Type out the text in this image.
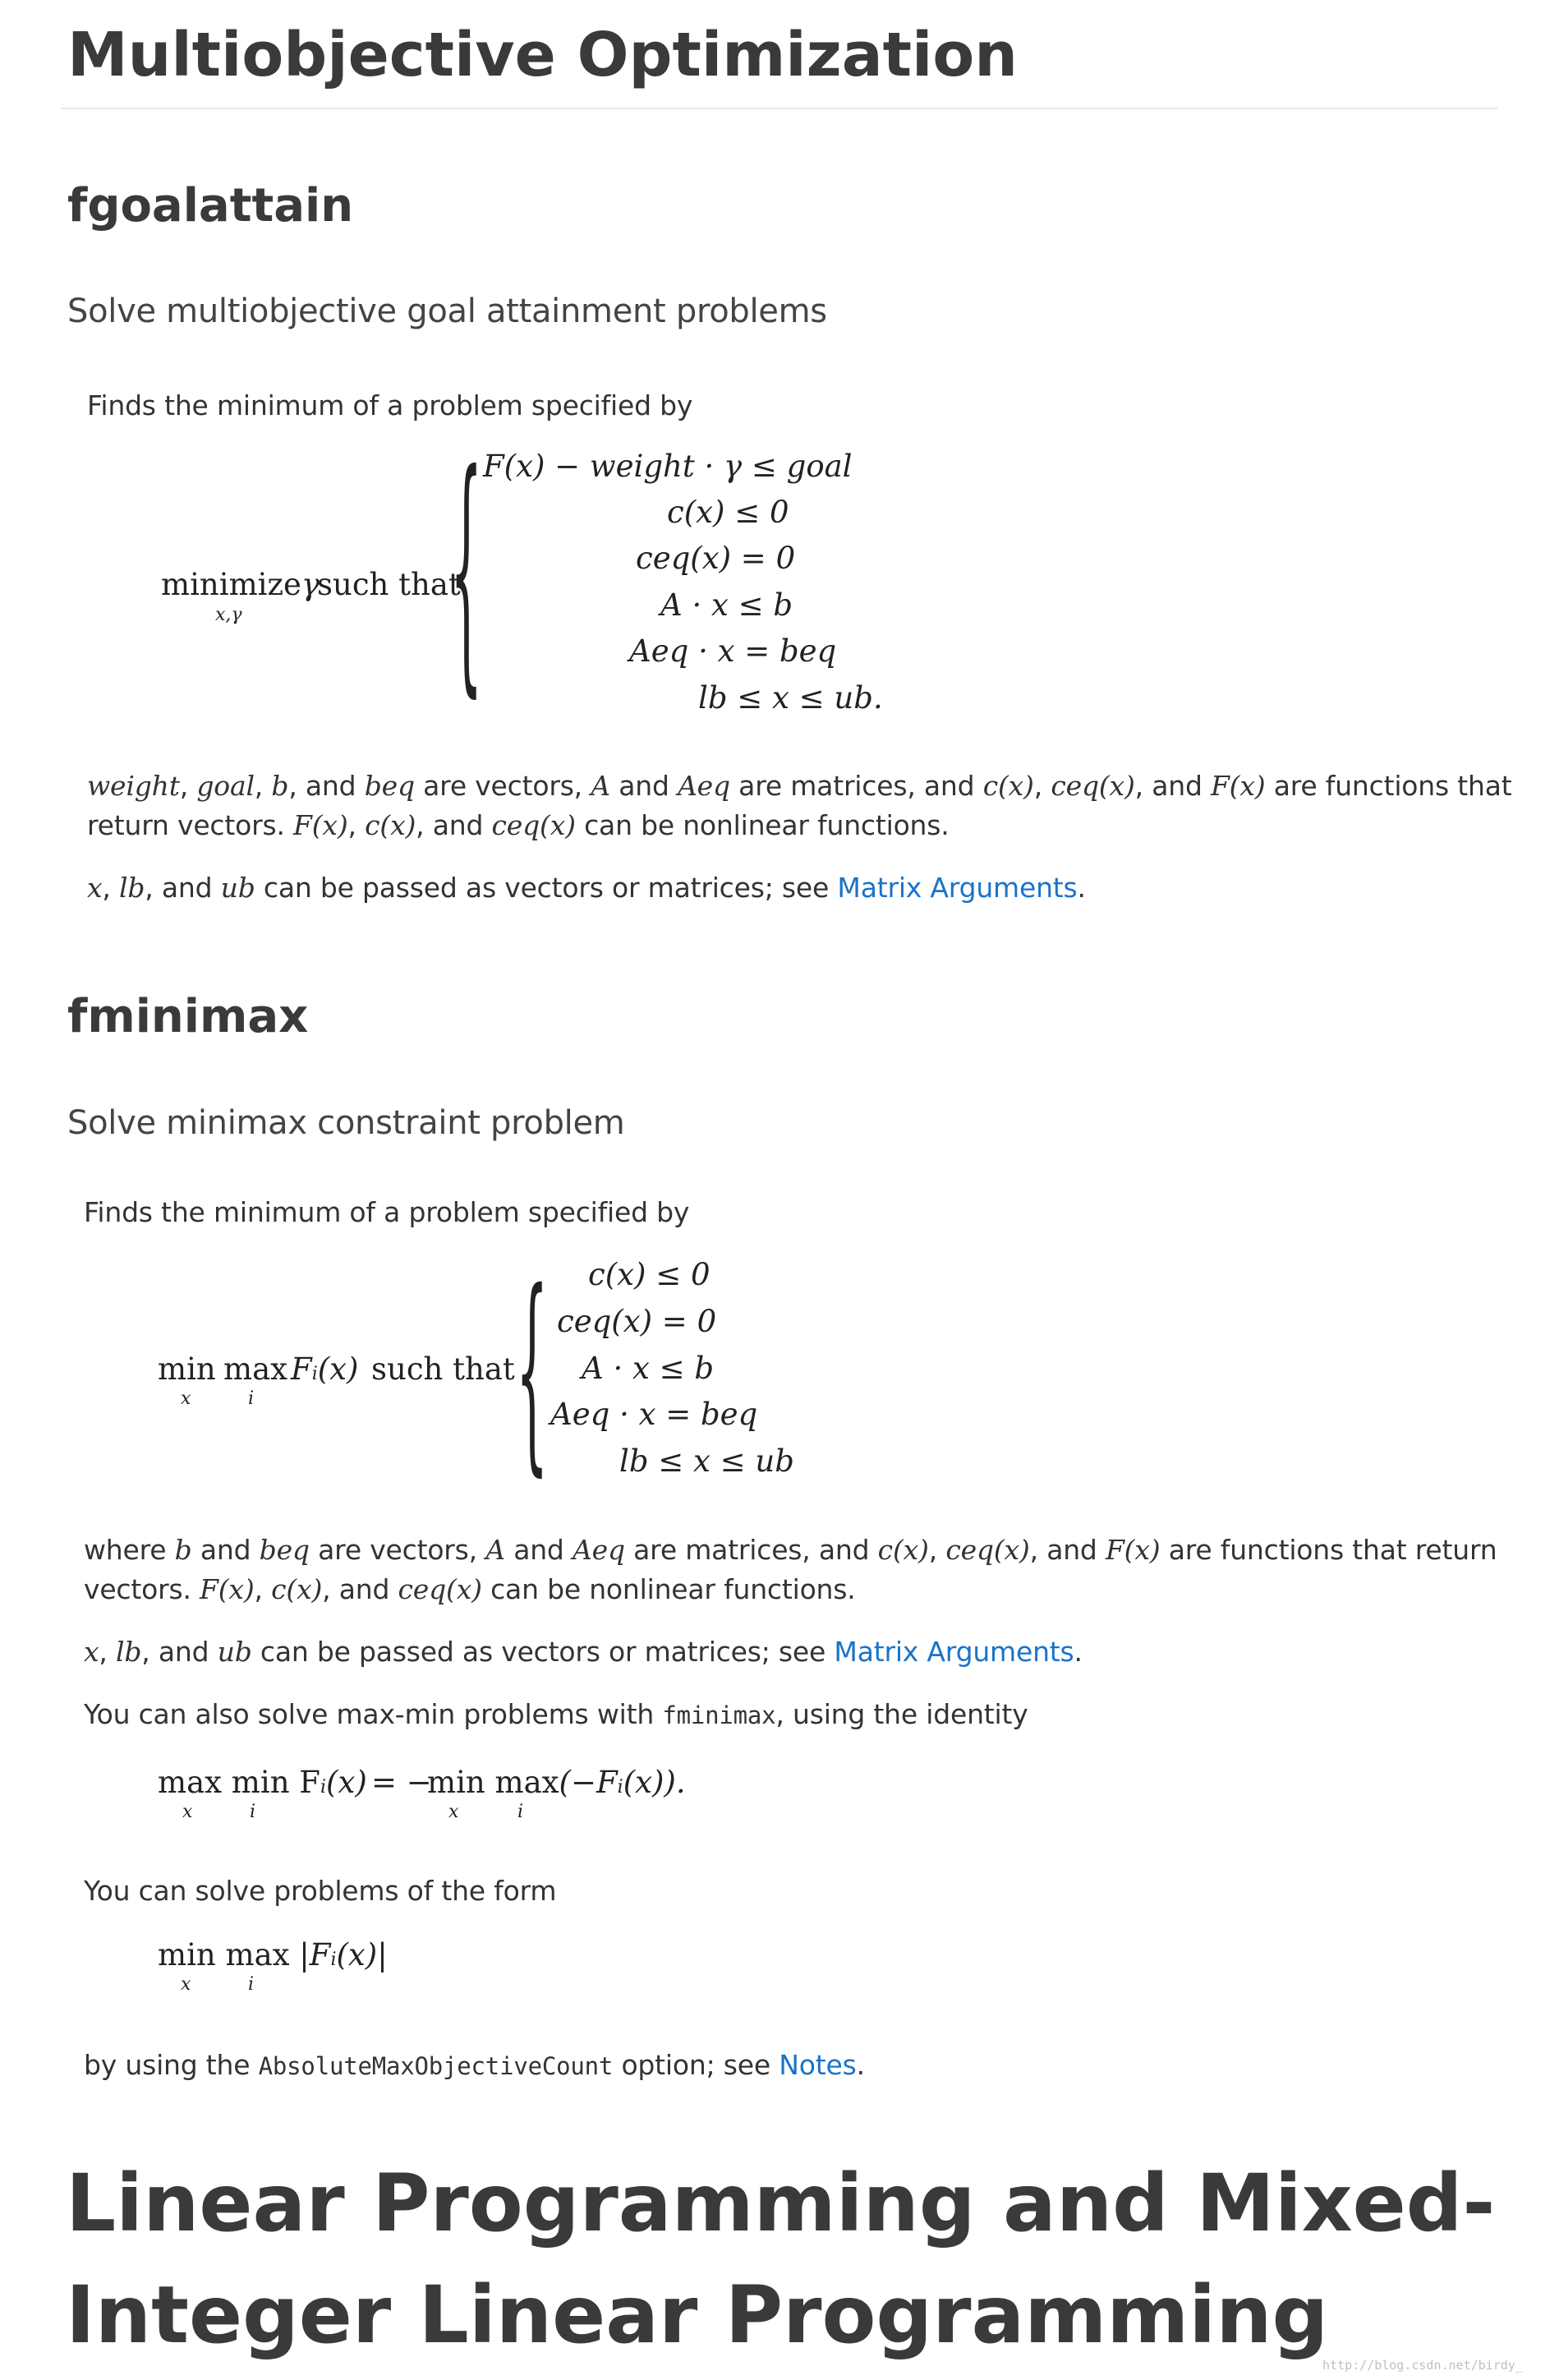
Multiobjective Optimization
fgoalattain
Solve multiobjective goal attainment problems
Finds the minimum of a problem specified by
minimizeγ
x,γ
such that
{ F(x) − weight · γ ≤ goal
c(x) ≤ 0
ceq(x) = 0
A · x ≤ b
Aeq · x = beq
lb ≤ x ≤ ub.
weight, goal, b, and beq are vectors, A and Aeq are matrices, and c(x), ceq(x), and F(x) are functions that
return vectors. F(x), c(x), and ceq(x) can be nonlinear functions.
x, lb, and ub can be passed as vectors or matrices; see Matrix Arguments.
fminimax
Solve minimax constraint problem
Finds the minimum of a problem specified by
min
x
max
i
Fi(x) such that { c(x) ≤ 0
ceq(x) = 0
A · x ≤ b
Aeq · x = beq
lb ≤ x ≤ ub
where b and beq are vectors, A and Aeq are matrices, and c(x), ceq(x), and F(x) are functions that return
vectors. F(x), c(x), and ceq(x) can be nonlinear functions.
x, lb, and ub can be passed as vectors or matrices; see Matrix Arguments.
You can also solve max-min problems with fminimax, using the identity
max min Fi(x)
x	i
= −
min max(−Fi(x)).
x	i
You can solve problems of the form
min max |Fi(x)|
x	i
by using the AbsoluteMaxObjectiveCount option; see Notes.
Linear Programming and Mixed-
Integer Linear Programming
http://blog.csdn.net/birdy_
